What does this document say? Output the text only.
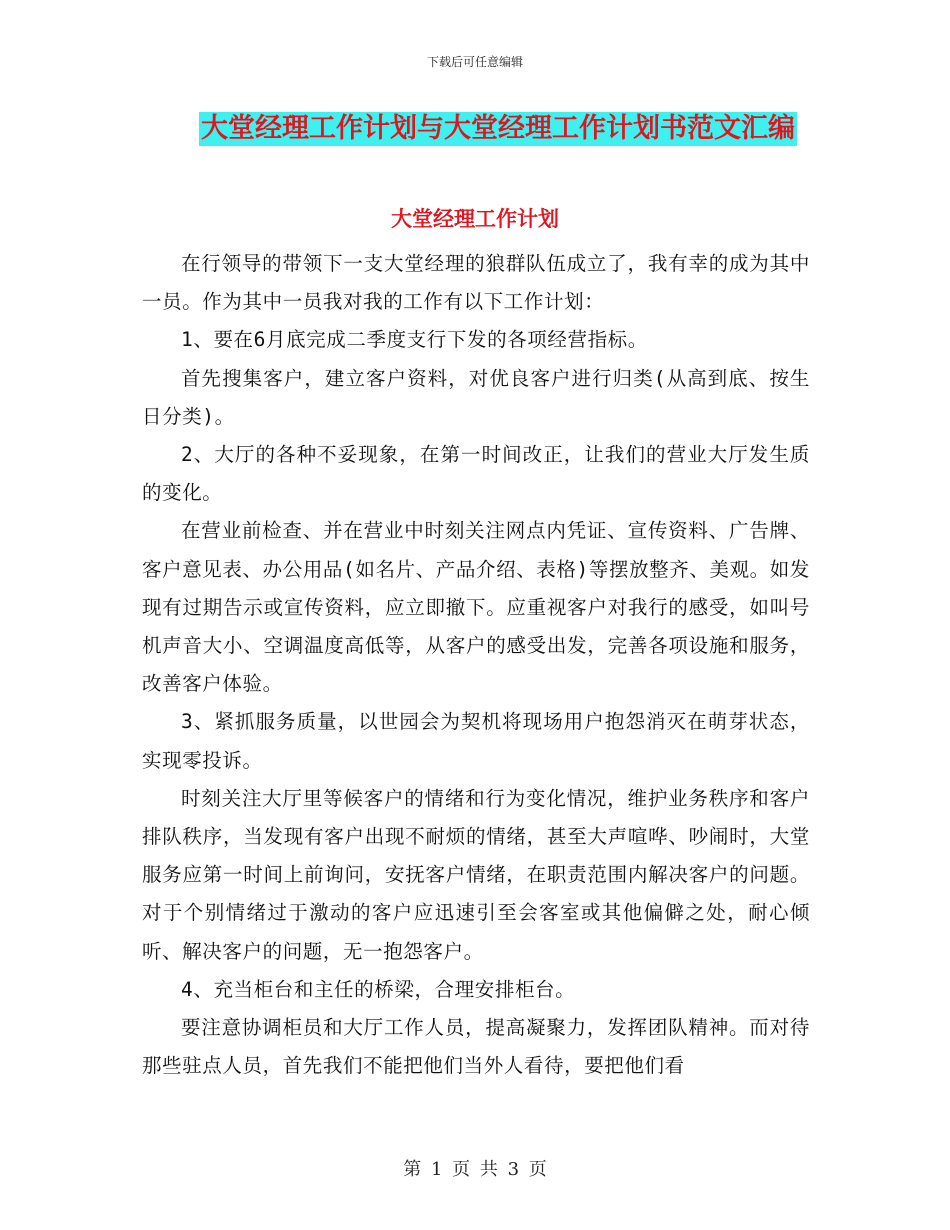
下载后可任意编辑
大堂经理工作计划与大堂经理工作计划书范文汇编
大堂经理工作计划

在行领导的带领下一支大堂经理的狼群队伍成立了，我有幸的成为其中一员。作为其中一员我对我的工作有以下工作计划：

1、要在6月底完成二季度支行下发的各项经营指标。

首先搜集客户，建立客户资料，对优良客户进行归类(从高到底、按生日分类)。

2、大厅的各种不妥现象，在第一时间改正，让我们的营业大厅发生质的变化。

在营业前检查、并在营业中时刻关注网点内凭证、宣传资料、广告牌、客户意见表、办公用品(如名片、产品介绍、表格)等摆放整齐、美观。如发现有过期告示或宣传资料，应立即撤下。应重视客户对我行的感受，如叫号机声音大小、空调温度高低等，从客户的感受出发，完善各项设施和服务，改善客户体验。

3、紧抓服务质量，以世园会为契机将现场用户抱怨消灭在萌芽状态，实现零投诉。

时刻关注大厅里等候客户的情绪和行为变化情况，维护业务秩序和客户排队秩序，当发现有客户出现不耐烦的情绪，甚至大声喧哗、吵闹时，大堂服务应第一时间上前询问，安抚客户情绪，在职责范围内解决客户的问题。对于个别情绪过于激动的客户应迅速引至会客室或其他偏僻之处，耐心倾听、解决客户的问题，无一抱怨客户。

4、充当柜台和主任的桥梁，合理安排柜台。

要注意协调柜员和大厅工作人员，提高凝聚力，发挥团队精神。而对待那些驻点人员，首先我们不能把他们当外人看待，要把他们看

第 1 页 共 3 页
